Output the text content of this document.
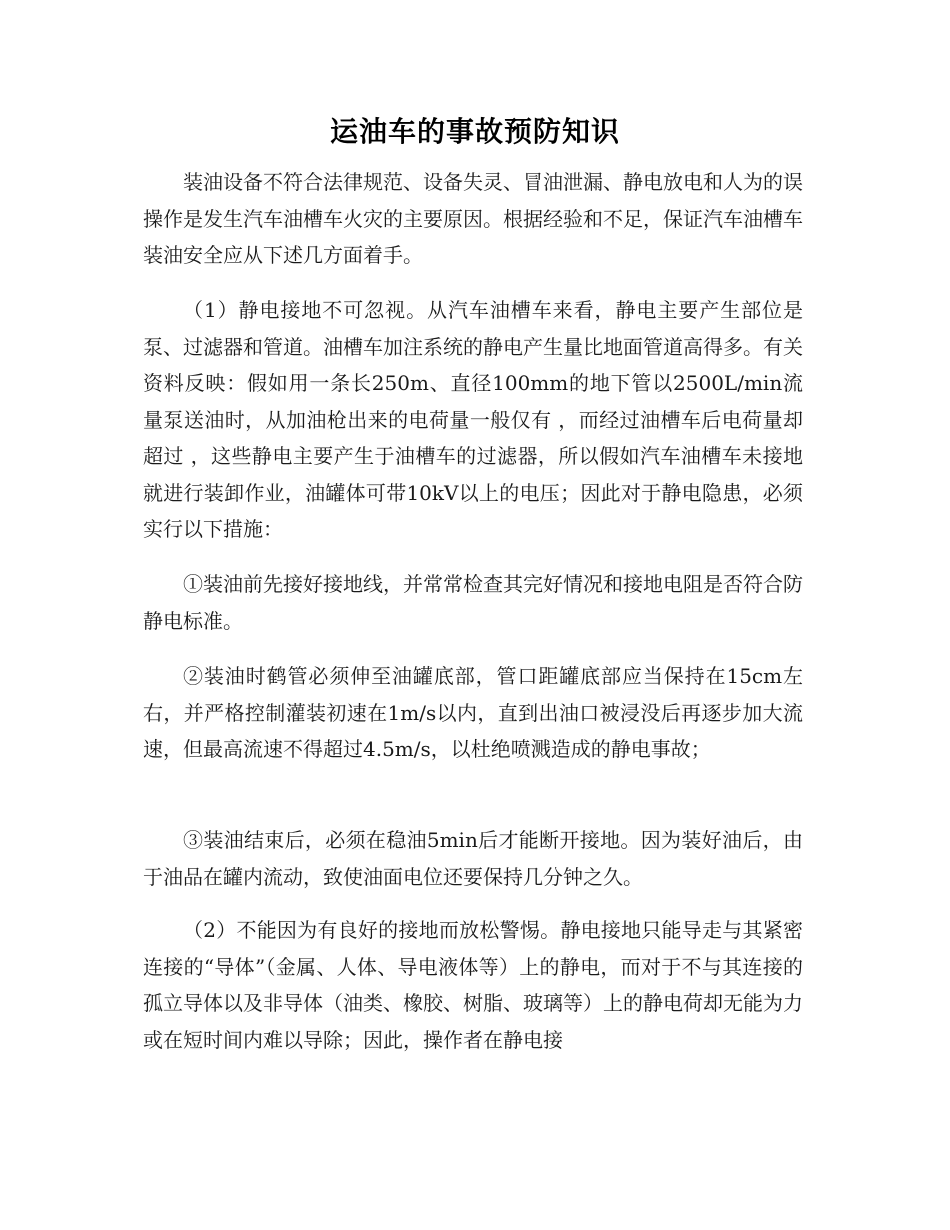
运油车的事故预防知识

装油设备不符合法律规范、设备失灵、冒油泄漏、静电放电和人为的误操作是发生汽车油槽车火灾的主要原因。根据经验和不足，保证汽车油槽车装油安全应从下述几方面着手。

（1）静电接地不可忽视。从汽车油槽车来看，静电主要产生部位是泵、过滤器和管道。油槽车加注系统的静电产生量比地面管道高得多。有关资料反映：假如用一条长250m、直径100mm的地下管以2500L/min流量泵送油时，从加油枪出来的电荷量一般仅有 ，而经过油槽车后电荷量却超过 ，这些静电主要产生于油槽车的过滤器，所以假如汽车油槽车未接地就进行装卸作业，油罐体可带10kV以上的电压；因此对于静电隐患，必须实行以下措施：

①装油前先接好接地线，并常常检查其完好情况和接地电阻是否符合防静电标准。

②装油时鹤管必须伸至油罐底部，管口距罐底部应当保持在15cm左右，并严格控制灌装初速在1m/s以内，直到出油口被浸没后再逐步加大流速，但最高流速不得超过4.5m/s，以杜绝喷溅造成的静电事故；

③装油结束后，必须在稳油5min后才能断开接地。因为装好油后，由于油品在罐内流动，致使油面电位还要保持几分钟之久。

（2）不能因为有良好的接地而放松警惕。静电接地只能导走与其紧密连接的“导体”（金属、人体、导电液体等）上的静电，而对于不与其连接的孤立导体以及非导体（油类、橡胶、树脂、玻璃等）上的静电荷却无能为力或在短时间内难以导除；因此，操作者在静电接
